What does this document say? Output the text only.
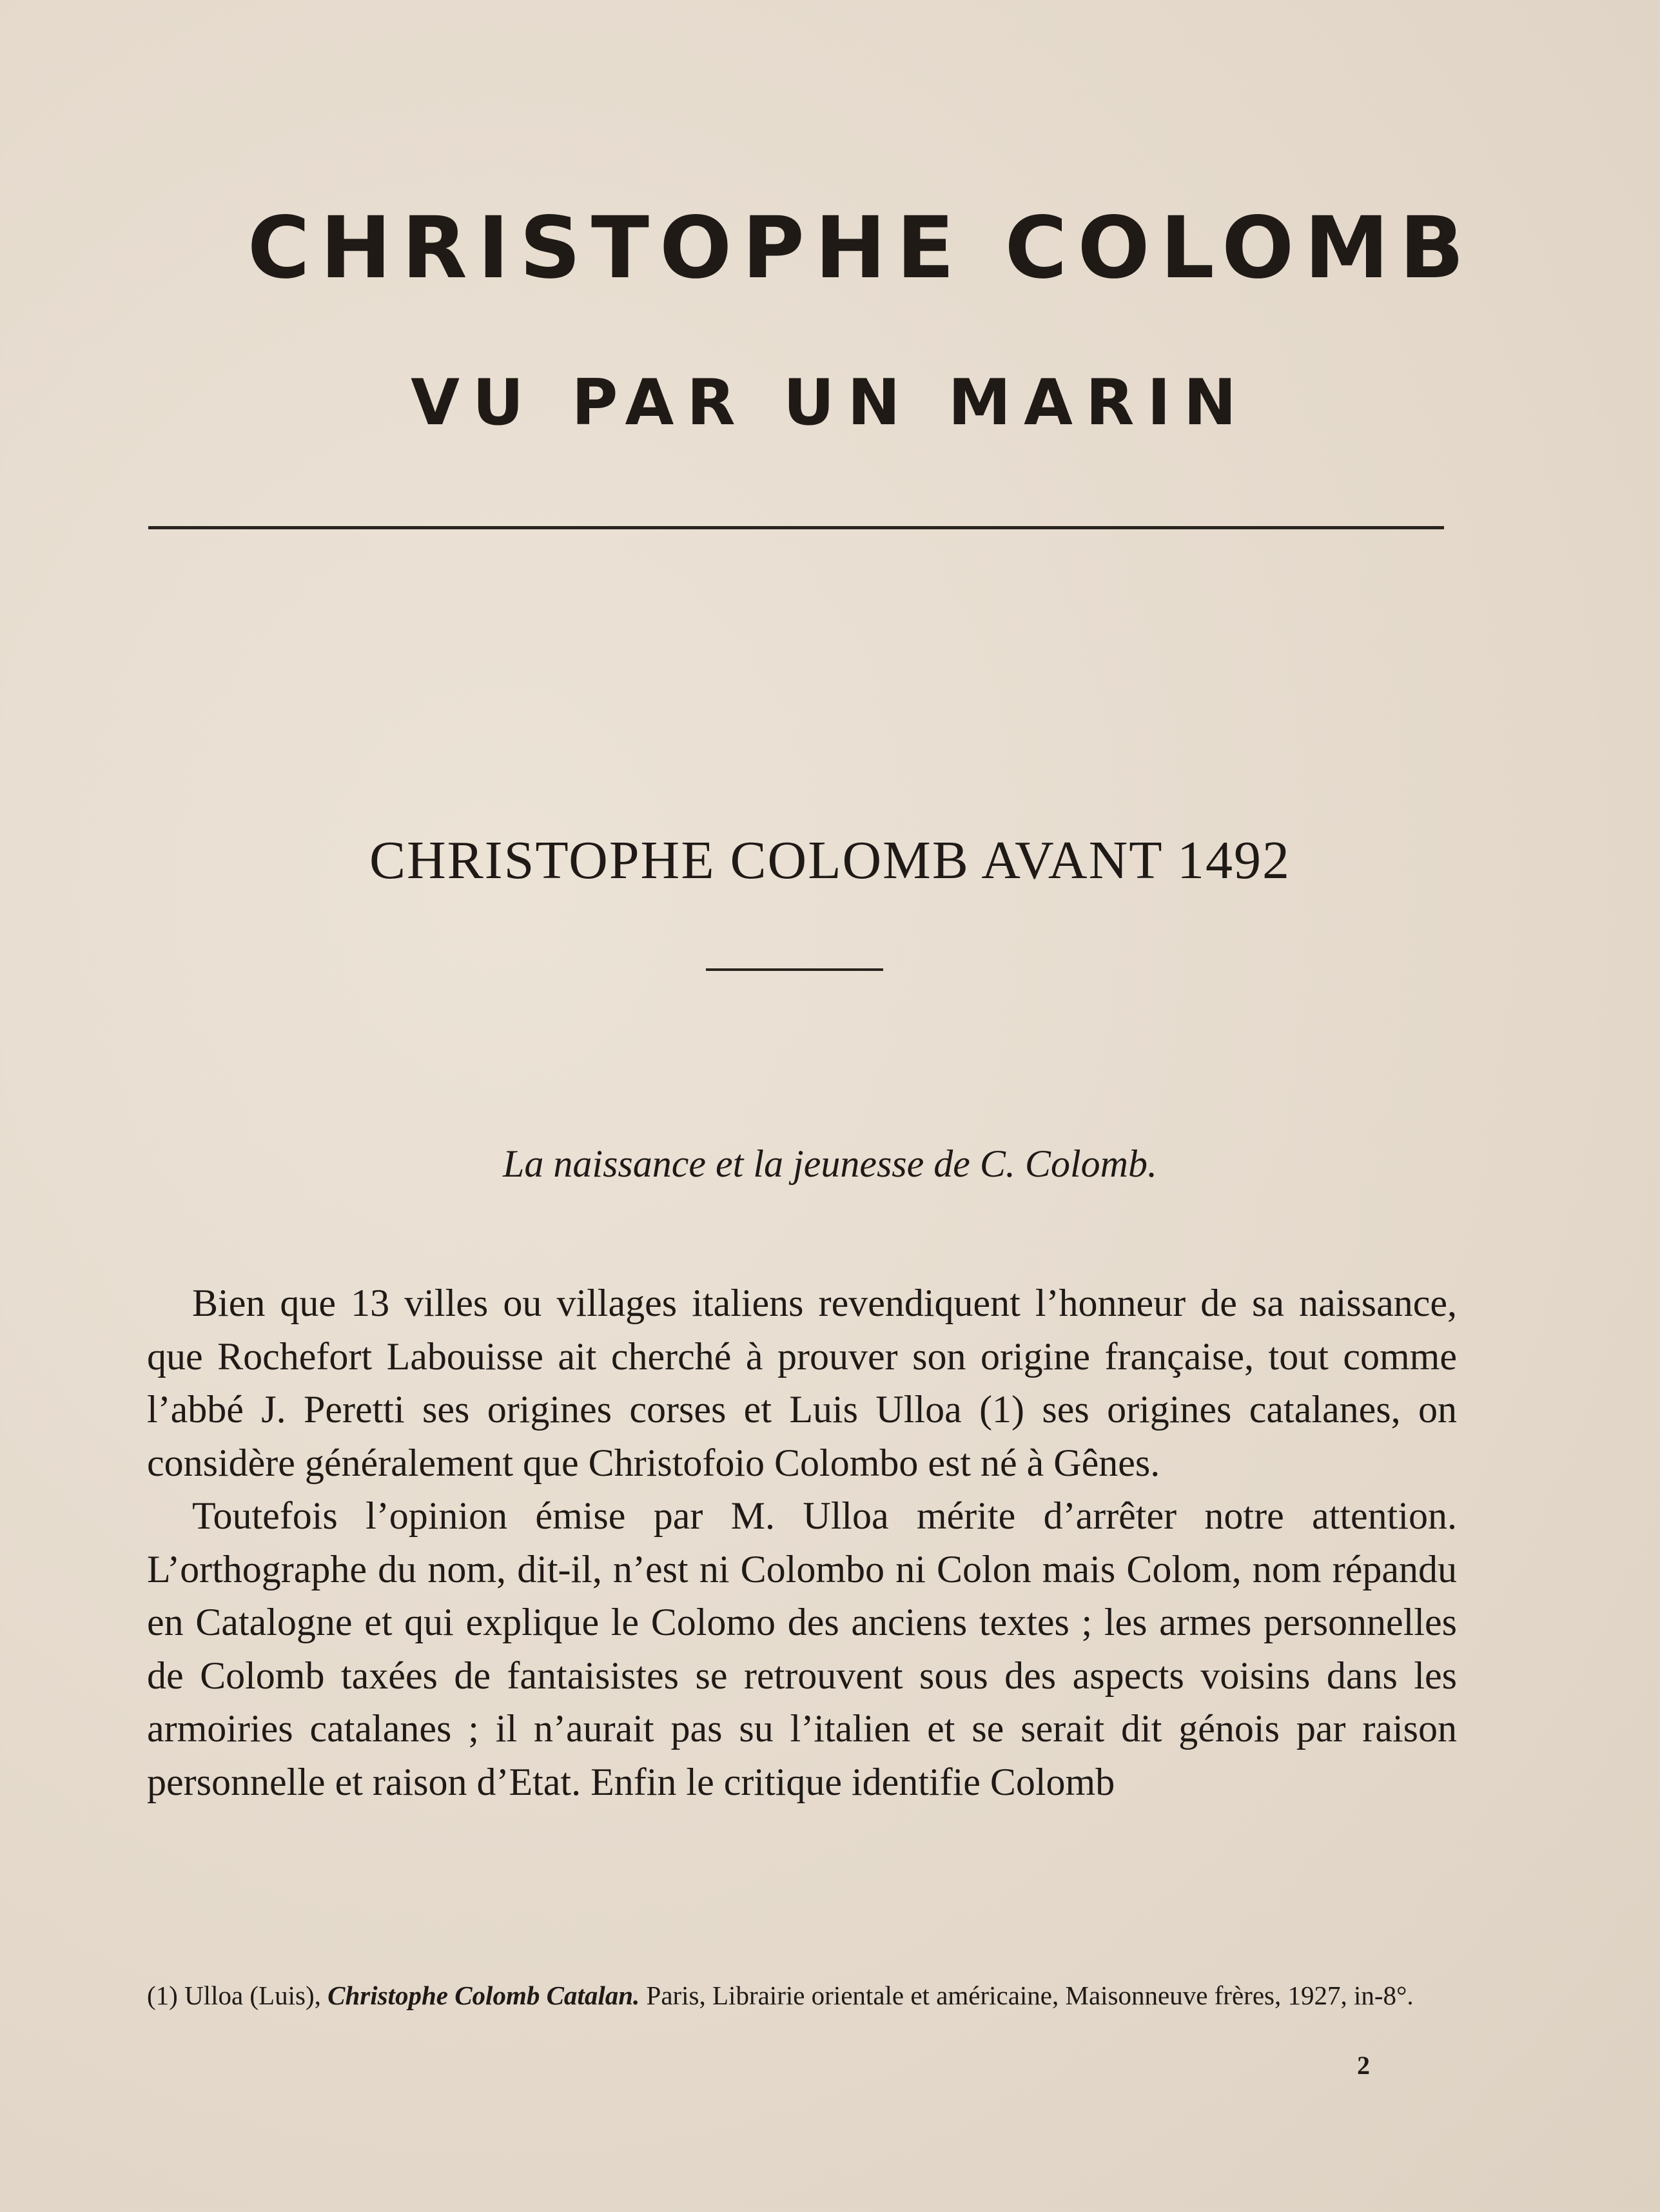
CHRISTOPHE COLOMB
VU PAR UN MARIN
CHRISTOPHE COLOMB AVANT 1492
La naissance et la jeunesse de C. Colomb.

Bien que 13 villes ou villages italiens revendiquent l’honneur de sa naissance, que Rochefort Labouisse ait cherché à prouver son origine française, tout comme l’abbé J. Peretti ses origines corses et Luis Ulloa (1) ses origines catalanes, on considère généralement que Christofoio Colombo est né à Gênes.

Toutefois l’opinion émise par M. Ulloa mérite d’arrêter notre attention. L’orthographe du nom, dit-il, n’est ni Colombo ni Colon mais Colom, nom répandu en Catalogne et qui explique le Colomo des anciens textes ; les armes personnelles de Colomb taxées de fantaisistes se retrouvent sous des aspects voisins dans les armoiries catalanes ; il n’aurait pas su l’italien et se serait dit génois par raison personnelle et raison d’Etat. Enfin le critique identifie Colomb

(1) Ulloa (Luis), Christophe Colomb Catalan. Paris, Librairie orientale et américaine, Maisonneuve frères, 1927, in-8°.
2
